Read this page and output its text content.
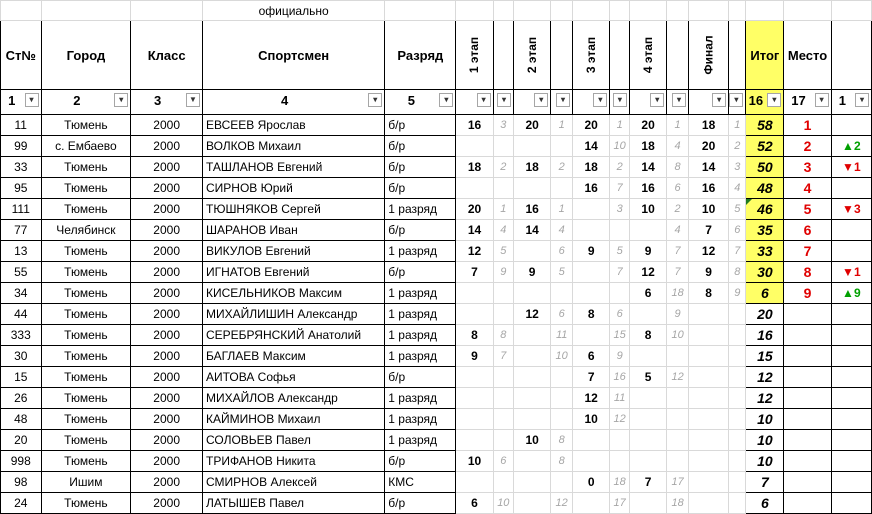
			официально														
Ст№	Город	Класс	Спортсмен	Разряд	1 этап		2 этап		3 этап		4 этап		Финал		Итог	Место	

1 ▾	2 ▾	3 ▼	4 ▾	5 ▾	▾	▾	▾	▾	▾	▾	▾	▾	▾	▾	16 ▾	17 ▾	1 ▾

11	Тюмень	2000	ЕВСЕЕВ Ярослав	б/р	16	3	20	1	20	1	20	1	18	1	58	1	
99	с. Ембаево	2000	ВОЛКОВ Михаил	б/р					14	10	18	4	20	2	52	2	▲2
33	Тюмень	2000	ТАШЛАНОВ Евгений	б/р	18	2	18	2	18	2	14	8	14	3	50	3	▼1
95	Тюмень	2000	СИРНОВ Юрий	б/р					16	7	16	6	16	4	48	4	
111	Тюмень	2000	ТЮШНЯКОВ Сергей	1 разряд	20	1	16	1		3	10	2	10	5	46	5	▼3
77	Челябинск	2000	ШАРАНОВ Иван	б/р	14	4	14	4				4	7	6	35	6	
13	Тюмень	2000	ВИКУЛОВ Евгений	1 разряд	12	5		6	9	5	9	7	12	7	33	7	
55	Тюмень	2000	ИГНАТОВ Евгений	б/р	7	9	9	5		7	12	7	9	8	30	8	▼1
34	Тюмень	2000	КИСЕЛЬНИКОВ Максим	1 разряд							6	18	8	9	6	9	▲9
44	Тюмень	2000	МИХАЙЛИШИН Александр	1 разряд			12	6	8	6		9			20		
333	Тюмень	2000	СЕРЕБРЯНСКИЙ Анатолий	1 разряд	8	8		11		15	8	10			16		
30	Тюмень	2000	БАГЛАЕВ Максим	1 разряд	9	7		10	6	9					15		
15	Тюмень	2000	АИТОВА Софья	б/р					7	16	5	12			12		
26	Тюмень	2000	МИХАЙЛОВ Александр	1 разряд					12	11					12		
48	Тюмень	2000	КАЙМИНОВ Михаил	1 разряд					10	12					10		
20	Тюмень	2000	СОЛОВЬЕВ Павел	1 разряд			10	8							10		
998	Тюмень	2000	ТРИФАНОВ Никита	б/р	10	6		8							10		
98	Ишим	2000	СМИРНОВ Алексей	КМС					0	18	7	17			7		
24	Тюмень	2000	ЛАТЫШЕВ Павел	б/р	6	10		12		17		18			6		
